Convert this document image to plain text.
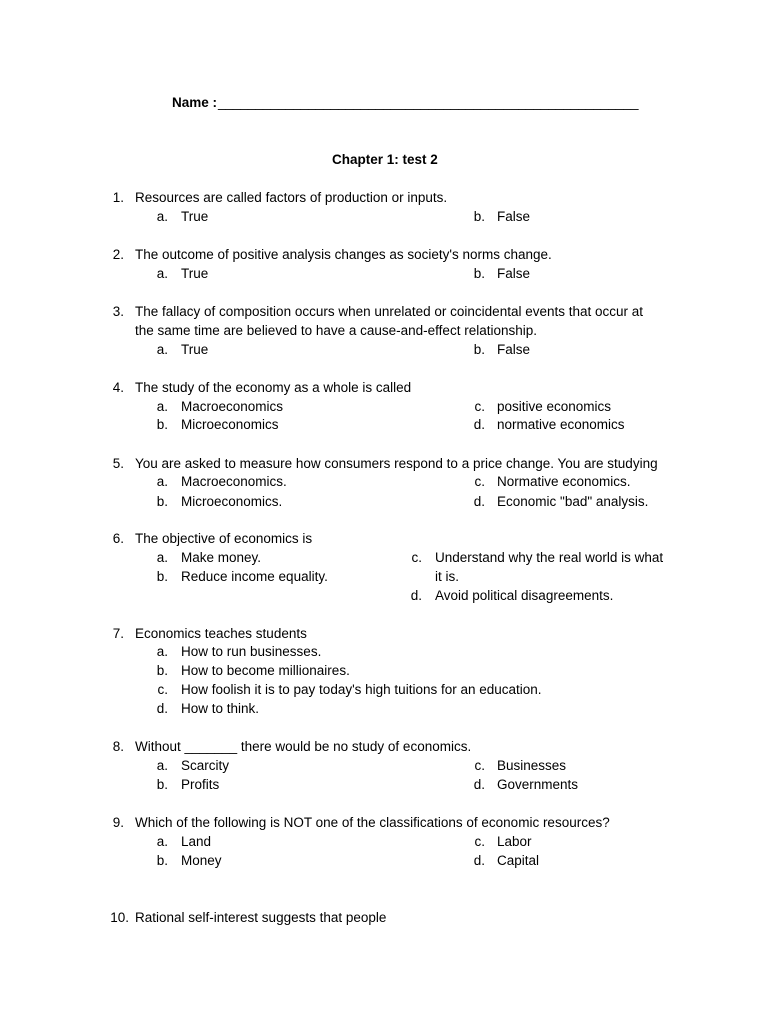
Name : ________________________________________________________
Chapter 1: test 2
1. Resources are called factors of production or inputs.
a. True	b. False
2. The outcome of positive analysis changes as society's norms change.
a. True	b. False
3. The fallacy of composition occurs when unrelated or coincidental events that occur at
the same time are believed to have a cause-and-effect relationship.
a. True	b. False
4. The study of the economy as a whole is called
a. Macroeconomics
b. Microeconomics
c. positive economics
d. normative economics
5. You are asked to measure how consumers respond to a price change. You are studying
a. Macroeconomics.
b. Microeconomics.
c. Normative economics.
d. Economic "bad" analysis.
6. The objective of economics is
a. Make money.
b. Reduce income equality.
c. Understand why the real world is what
it is.
d. Avoid political disagreements.
7. Economics teaches students
a. How to run businesses.
b. How to become millionaires.
c. How foolish it is to pay today's high tuitions for an education.
d. How to think.
8. Without _______ there would be no study of economics.
a. Scarcity
b. Profits
c. Businesses
d. Governments
9. Which of the following is NOT one of the classifications of economic resources?
a. Land
b. Money
c. Labor
d. Capital
10. Rational self-interest suggests that people
